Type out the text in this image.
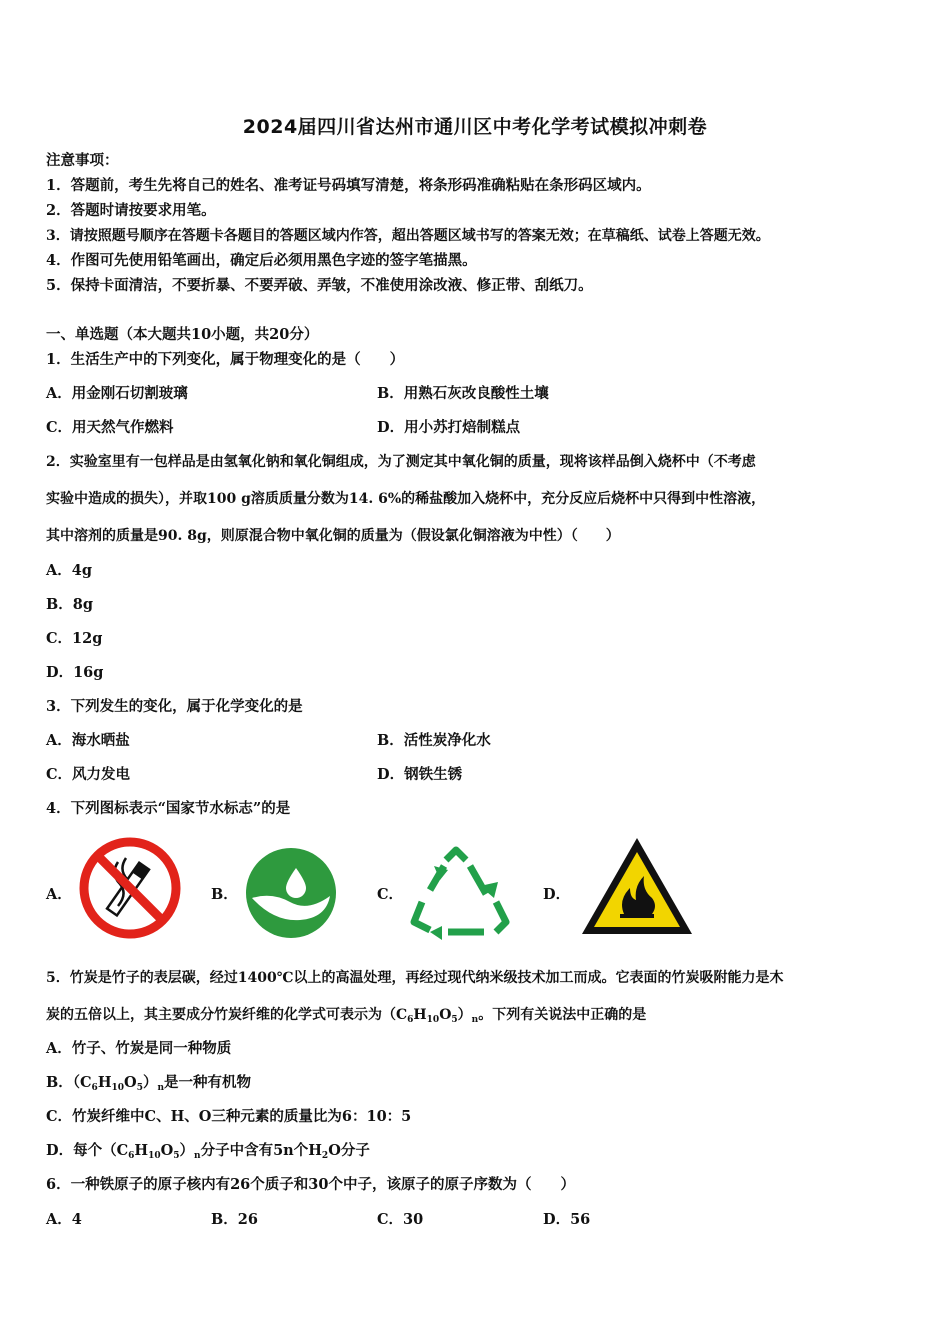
2024届四川省达州市通川区中考化学考试模拟冲刺卷
注意事项：
1．答题前，考生先将自己的姓名、准考证号码填写清楚，将条形码准确粘贴在条形码区域内。
2．答题时请按要求用笔。
3．请按照题号顺序在答题卡各题目的答题区域内作答，超出答题区域书写的答案无效；在草稿纸、试卷上答题无效。
4．作图可先使用铅笔画出，确定后必须用黑色字迹的签字笔描黑。
5．保持卡面清洁，不要折暴、不要弄破、弄皱，不准使用涂改液、修正带、刮纸刀。
一、单选题（本大题共10小题，共20分）
1．生活生产中的下列变化，属于物理变化的是（　　）
A．用金刚石切割玻璃	B．用熟石灰改良酸性土壤
C．用天然气作燃料	D．用小苏打焙制糕点
2．实验室里有一包样品是由氢氧化钠和氧化铜组成，为了测定其中氧化铜的质量，现将该样品倒入烧杯中（不考虑
实验中造成的损失），并取100 g溶质质量分数为14. 6%的稀盐酸加入烧杯中，充分反应后烧杯中只得到中性溶液，
其中溶剂的质量是90. 8g，则原混合物中氧化铜的质量为（假设氯化铜溶液为中性）（　　）
A．4g
B．8g
C．12g
D．16g
3．下列发生的变化，属于化学变化的是
A．海水晒盐	B．活性炭净化水
C．风力发电	D．钢铁生锈
4．下列图标表示“国家节水标志”的是
A．	B．	C．	D．
5．竹炭是竹子的表层碳，经过1400℃以上的高温处理，再经过现代纳米级技术加工而成。它表面的竹炭吸附能力是木
炭的五倍以上，其主要成分竹炭纤维的化学式可表示为$(C_6H_{10}O_5)_n$。下列有关说法中正确的是
A．竹子、竹炭是同一种物质
B．$(C_6H_{10}O_5)_n$是一种有机物
C．竹炭纤维中C、H、O三种元素的质量比为6：10：5
D．每个$(C_6H_{10}O_5)_n$分子中含有5n个$H_2O$分子
6．一种铁原子的原子核内有26个质子和30个中子，该原子的原子序数为（　　）
A．4	B．26	C．30	D．56
